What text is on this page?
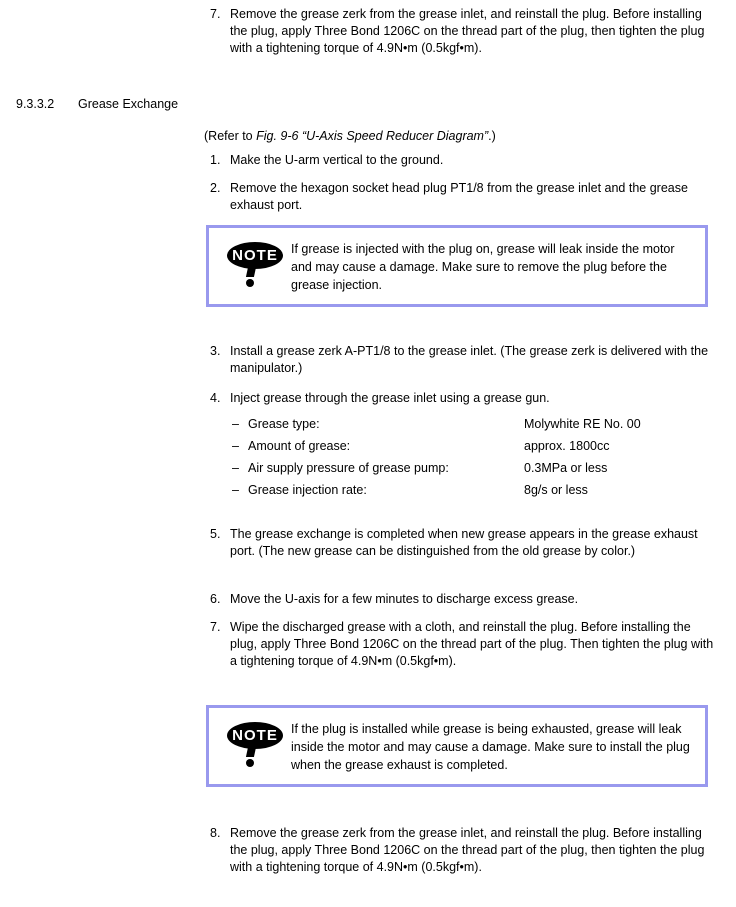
7. Remove the grease zerk from the grease inlet, and reinstall the plug. Before installing the plug, apply Three Bond 1206C on the thread part of the plug, then tighten the plug with a tightening torque of 4.9N•m (0.5kgf•m).
9.3.3.2	Grease Exchange
(Refer to Fig. 9-6 “U-Axis Speed Reducer Diagram”.)
1. Make the U-arm vertical to the ground.
2. Remove the hexagon socket head plug PT1/8 from the grease inlet and the grease exhaust port.
NOTE	If grease is injected with the plug on, grease will leak inside the motor and may cause a damage. Make sure to remove the plug before the grease injection.
3. Install a grease zerk A-PT1/8 to the grease inlet. (The grease zerk is delivered with the manipulator.)
4. Inject grease through the grease inlet using a grease gun.
– Grease type:	Molywhite RE No. 00
– Amount of grease:	approx. 1800cc
– Air supply pressure of grease pump:	0.3MPa or less
– Grease injection rate:	8g/s or less
5. The grease exchange is completed when new grease appears in the grease exhaust port. (The new grease can be distinguished from the old grease by color.)
6. Move the U-axis for a few minutes to discharge excess grease.
7. Wipe the discharged grease with a cloth, and reinstall the plug. Before installing the plug, apply Three Bond 1206C on the thread part of the plug. Then tighten the plug with a tightening torque of 4.9N•m (0.5kgf•m).
NOTE	If the plug is installed while grease is being exhausted, grease will leak inside the motor and may cause a damage. Make sure to install the plug when the grease exhaust is completed.
8. Remove the grease zerk from the grease inlet, and reinstall the plug. Before installing the plug, apply Three Bond 1206C on the thread part of the plug, then tighten the plug with a tightening torque of 4.9N•m (0.5kgf•m).
